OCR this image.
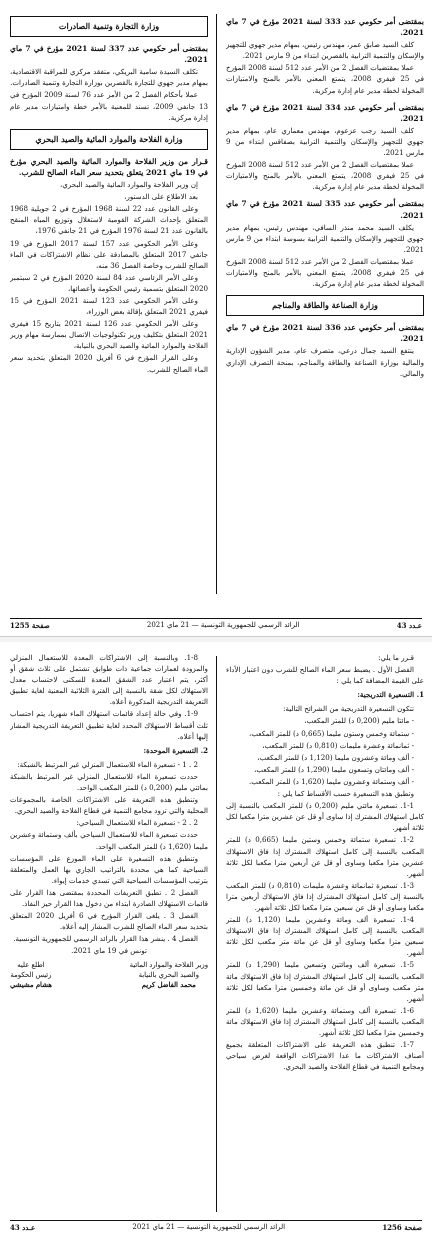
بمقتضى أمر حكومي عدد 333 لسنة 2021 مؤرخ في 7 ماي 2021.

كلف السيد صابق عمر، مهندس رئيس، بمهام مدير جهوي للتجهيز والإسكان والتنمية الترابية بالقصرين ابتداء من 9 مارس 2021.

عملا بمقتضيات الفصل 2 من الأمر عدد 512 لسنة 2008 المؤرخ في 25 فيفري 2008، يتمتع المعني بالأمر بالمنح والامتيازات المخولة لخطة مدير عام إدارة مركزية.

بمقتضى أمر حكومي عدد 334 لسنة 2021 مؤرخ في 7 ماي 2021.

كلف السيد رجب عزعوم، مهندس معماري عام، بمهام مدير جهوي للتجهيز والإسكان والتنمية الترابية بصفاقس ابتداء من 9 مارس 2021.

عملا بمقتضيات الفصل 2 من الأمر عدد 512 لسنة 2008 المؤرخ في 25 فيفري 2008، يتمتع المعني بالأمر بالمنح والامتيازات المخولة لخطة مدير عام إدارة مركزية.

بمقتضى أمر حكومي عدد 335 لسنة 2021 مؤرخ في 7 ماي 2021.

يكلف السيد محمد منذر السافي، مهندس رئيس، بمهام مدير جهوي للتجهيز والإسكان والتنمية الترابية بسوسة ابتداء من 9 مارس 2021.

عملا بمقتضيات الفصل 2 من الأمر عدد 512 لسنة 2008 المؤرخ في 25 فيفري 2008، يتمتع المعني بالأمر بالمنح والامتيازات المخولة لخطة مدير عام إدارة مركزية.

وزارة الصناعة والطاقة والمناجم

بمقتضى أمر حكومي عدد 336 لسنة 2021 مؤرخ في 7 ماي 2021.

ينتفع السيد جمال درعي، متصرف عام، مدير الشؤون الإدارية والمالية بوزارة الصناعة والطاقة والمناجم، بمنحة التصرف الإداري والمالي.

وزارة التجارة وتنمية الصادرات

بمقتضى أمر حكومي عدد 337 لسنة 2021 مؤرخ في 7 ماي 2021.

تكلف السيدة سامية البريكي، متفقد مركزي للمراقبة الاقتصادية، بمهام مدير جهوي للتجارة بالقصرين بوزارة التجارة وتنمية الصادرات.

عملا بأحكام الفصل 2 من الأمر عدد 76 لسنة 2009 المؤرخ في 13 جانفي 2009، تسند للمعنية بالأمر خطة وامتيازات مدير عام إدارة مركزية.

وزارة الفلاحة والموارد المائية والصيد البحري

قـرار من وزير الفلاحة والموارد المائية والصيد البحري مؤرخ في 19 ماي 2021 يتعلق بتحديد سعر الماء الصالح للشرب.

إن وزير الفلاحة والموارد المائية والصيد البحري،

بعد الاطلاع على الدستور،

وعلى القانون عدد 22 لسنة 1968 المؤرخ في 2 جويلية 1968 المتعلق بإحداث الشركة القومية لاستغلال وتوزيع المياه المنقح بالقانون عدد 21 لسنة 1976 المؤرخ في 21 جانفي 1976،

وعلى الأمر الحكومي عدد 157 لسنة 2017 المؤرخ في 19 جانفي 2017 المتعلق بالمصادقة على نظام الاشتراكات في الماء الصالح للشرب وخاصة الفصل 36 منه،

وعلى الأمر الرئاسي عدد 84 لسنة 2020 المؤرخ في 2 سبتمبر 2020 المتعلق بتسمية رئيس الحكومة وأعضائها،

وعلى الأمر الحكومي عدد 123 لسنة 2021 المؤرخ في 15 فيفري 2021 المتعلق بإقالة بعض الوزراء،

وعلى الأمر الحكومي عدد 126 لسنة 2021 بتاريخ 15 فيفري 2021 المتعلق بتكليف وزير تكنولوجيات الاتصال بممارسة مهام وزير الفلاحة والموارد المائية والصيد البحري بالنيابة،

وعلى القرار المؤرخ في 6 أفريل 2020 المتعلق بتحديد سعر الماء الصالح للشرب.

عـدد 43
الرائد الرسمي للجمهورية التونسية — 21 ماي 2021
صفحة 1255

قـرر ما يلي:

الفصل الأول . يضبط سعر الماء الصالح للشرب دون اعتبار الأداء على القيمة المضافة كما يلي :

1. التسعيرة التدريجية:

تتكون التسعيرة التدريجية من الشرائح التالية:

- مائتا مليم (0,200 د) للمتر المكعب،

- ستمائة وخمس وستون مليما (0,665 د) للمتر المكعب،

- ثمانمائة وعشرة مليمات (0,810 د) للمتر المكعب،

- ألف ومائة وعشرون مليما (1,120 د) للمتر المكعب،

- ألف ومائتان وتسعون مليما (1,290 د) للمتر المكعب،

- ألف وستمائة وعشرون مليما (1,620 د) للمتر المكعب.

وتطبق هذه التسعيرة حسب الأقساط كما يلي :

1-1. تسعيرة مائتي مليم (0,200 د) للمتر المكعب بالنسبة إلى كامل استهلاك المشترك إذا ساوى أو قل عن عشرين مترا مكعبا لكل ثلاثة أشهر.

1-2. تسعيرة ستمائة وخمس وستين مليما (0,665 د) للمتر المكعب بالنسبة إلى كامل استهلاك المشترك إذا فاق الاستهلاك عشرين مترا مكعبا وساوى أو قل عن أربعين مترا مكعبا لكل ثلاثة أشهر.

1-3. تسعيرة ثمانمائة وعشرة مليمات (0,810 د) للمتر المكعب بالنسبة إلى كامل استهلاك المشترك إذا فاق الاستهلاك أربعين مترا مكعبا وساوى أو قل عن سبعين مترا مكعبا لكل ثلاثة أشهر.

1-4. تسعيرة ألف ومائة وعشرين مليما (1,120 د) للمتر المكعب بالنسبة إلى كامل استهلاك المشترك إذا فاق الاستهلاك سبعين مترا مكعبا وساوى أو قل عن مائة متر مكعب لكل ثلاثة أشهر.

1-5. تسعيرة ألف ومائتين وتسعين مليما (1,290 د) للمتر المكعب بالنسبة إلى كامل استهلاك المشترك إذا فاق الاستهلاك مائة متر مكعب وساوى أو قل عن مائة وخمسين مترا مكعبا لكل ثلاثة أشهر.

1-6. تسعيرة ألف وستمائة وعشرين مليما (1,620 د) للمتر المكعب بالنسبة إلى كامل استهلاك المشترك إذا فاق الاستهلاك مائة وخمسين مترا مكعبا لكل ثلاثة أشهر.

1-7. تنطبق هذه التعريفة على الاشتراكات المتعلقة بجميع أصناف الاشتراكات ما عدا الاشتراكات الواقعة لغرض سياحي ومجامع التنمية في قطاع الفلاحة والصيد البحري.

1-8. وبالنسبة إلى الاشتراكات المعدة للاستعمال المنزلي والمزودة لعمارات جماعية ذات طوابق تشتمل على ثلاث شقق أو أكثر، يتم اعتبار عدد الشقق المعدة للسكنى لاحتساب معدل الاستهلاك لكل شقة بالنسبة إلى الفترة الثلاثية المعنية لغاية تطبيق التعريفة التدريجية المذكورة أعلاه.

1-9. وفي حالة إعداد قائمات استهلاك الماء شهريا، يتم احتساب ثلث أقساط الاستهلاك المحدد لغاية تطبيق التعريفة التدريجية المشار إليها أعلاه.

2. التسعيرة الموحدة:

2 . 1 - تسعيرة الماء للاستعمال المنزلي غير المرتبط بالشبكة:

حددت تسعيرة الماء للاستعمال المنزلي غير المرتبط بالشبكة بمائتي مليم (0,200 د) للمتر المكعب الواحد.

وتنطبق هذه التعريفة على الاشتراكات الخاصة بالمجموعات المحلية والتي تزود مجامع التنمية في قطاع الفلاحة والصيد البحري.

2 . 2 - تسعيرة الماء للاستعمال السياحي:

حددت تسعيرة الماء للاستعمال السياحي بألف وستمائة وعشرين مليما (1,620 د) للمتر المكعب الواحد.

وتنطبق هذه التسعيرة على الماء الموزع على المؤسسات السياحية كما هي محددة بالتراتيب الجاري بها العمل والمتعلقة بترتيب المؤسسات السياحية التي تسدي خدمات إيواء.

الفصل 2 . تطبق التعريفات المحددة بمقتضى هذا القرار على قائمات الاستهلاك الصادرة ابتداء من دخول هذا القرار حيز النفاذ.

الفصل 3 . يلغى القرار المؤرخ في 6 أفريل 2020 المتعلق بتحديد سعر الماء الصالح للشرب المشار إليه أعلاه.

الفصل 4 . ينشر هذا القرار بالرائد الرسمي للجمهورية التونسية.

تونس في 19 ماي 2021.

وزير الفلاحة والموارد المائية
والصيد البحري بالنيابة
محمد الفاضل كريم
اطلع عليه
رئيس الحكومة
هشام مشيشي
صفحة 1256
الرائد الرسمي للجمهورية التونسية — 21 ماي 2021
عـدد 43
